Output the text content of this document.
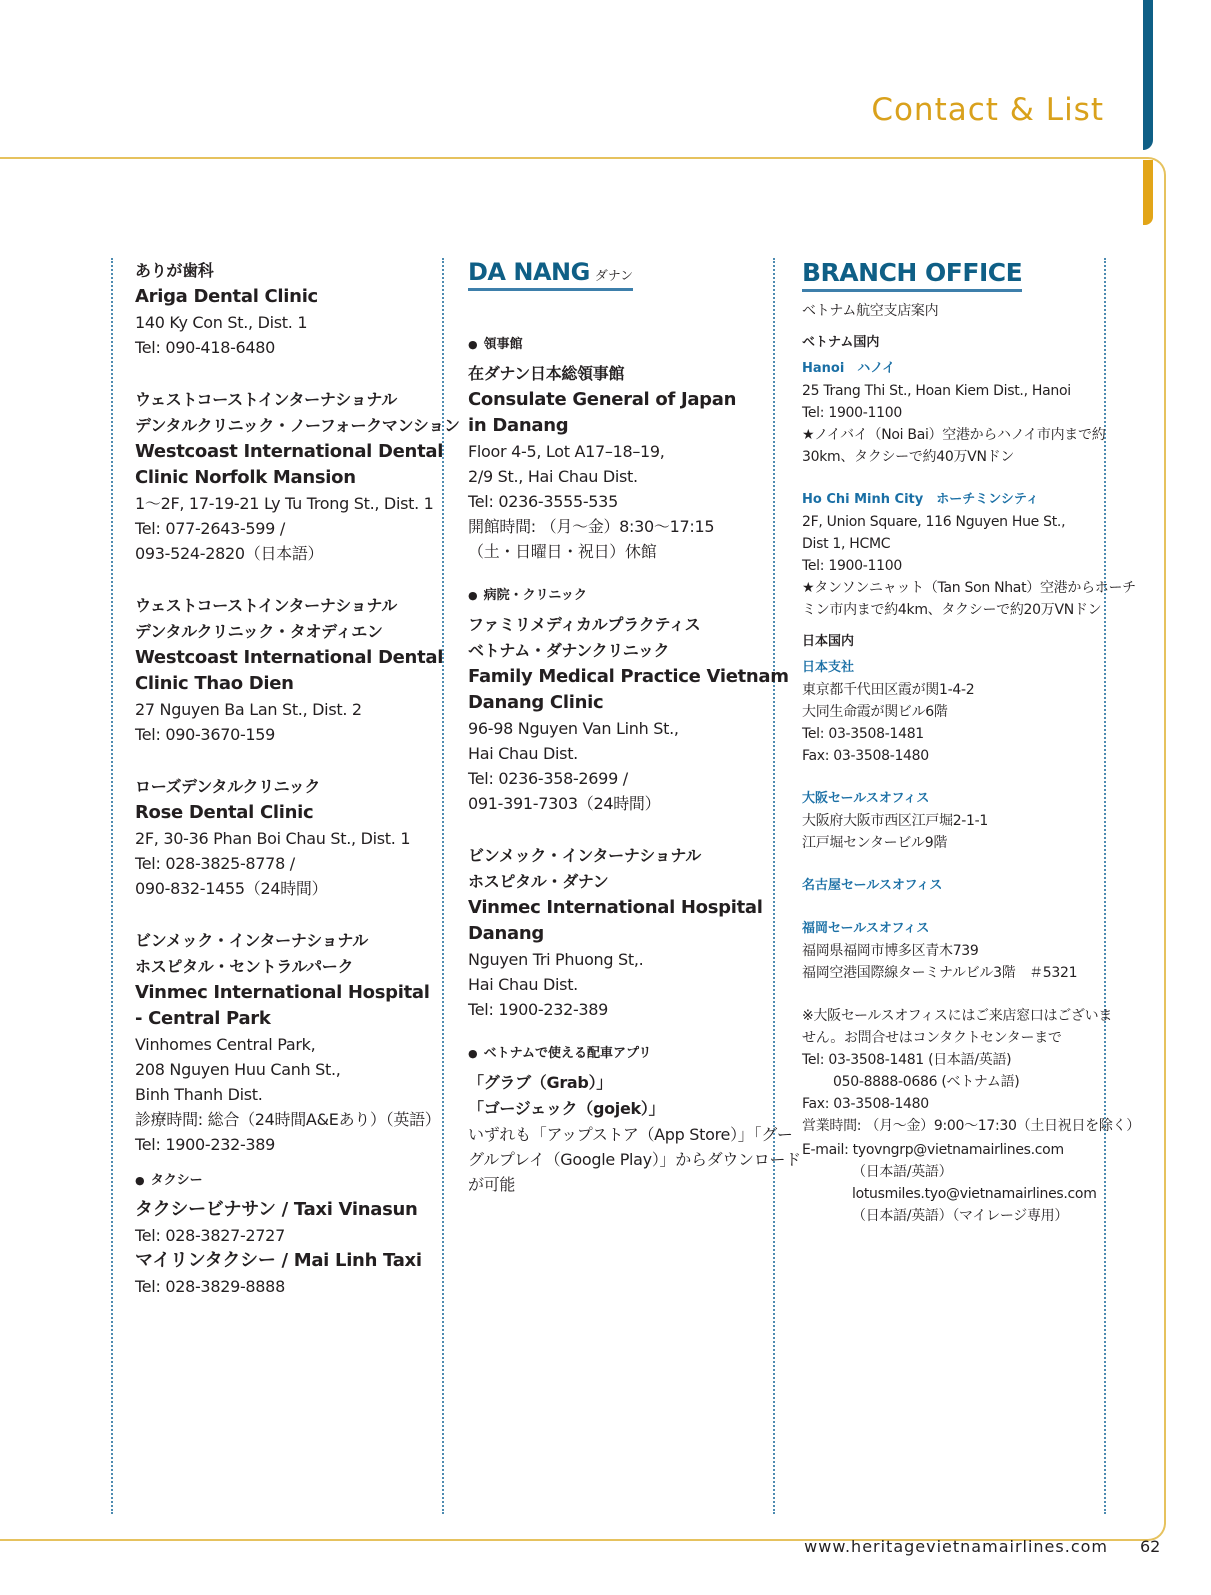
Contact & List
ありが歯科
Ariga Dental Clinic
140 Ky Con St., Dist. 1
Tel: 090-418-6480
ウェストコーストインターナショナル
デンタルクリニック・ノーフォークマンション
Westcoast International Dental
Clinic Norfolk Mansion
1～2F, 17-19-21 Ly Tu Trong St., Dist. 1
Tel: 077-2643-599 /
093-524-2820（日本語）
ウェストコーストインターナショナル
デンタルクリニック・タオディエン
Westcoast International Dental
Clinic Thao Dien
27 Nguyen Ba Lan St., Dist. 2
Tel: 090-3670-159
ローズデンタルクリニック
Rose Dental Clinic
2F, 30-36 Phan Boi Chau St., Dist. 1
Tel: 028-3825-8778 /
090-832-1455（24時間）
ビンメック・インターナショナル
ホスピタル・セントラルパーク
Vinmec International Hospital
- Central Park
Vinhomes Central Park,
208 Nguyen Huu Canh St.,
Binh Thanh Dist.
診療時間: 総合（24時間A&Eあり）（英語）
Tel: 1900-232-389
● タクシー
タクシービナサン / Taxi Vinasun
Tel: 028-3827-2727
マイリンタクシー / Mai Linh Taxi
Tel: 028-3829-8888
DA NANG ダナン
● 領事館
在ダナン日本総領事館
Consulate General of Japan
in Danang
Floor 4-5, Lot A17–18–19,
2/9 St., Hai Chau Dist.
Tel: 0236-3555-535
開館時間: （月～金）8:30～17:15
（土・日曜日・祝日）休館
● 病院・クリニック
ファミリメディカルプラクティス
ベトナム・ダナンクリニック
Family Medical Practice Vietnam
Danang Clinic
96-98 Nguyen Van Linh St.,
Hai Chau Dist.
Tel: 0236-358-2699 /
091-391-7303（24時間）
ビンメック・インターナショナル
ホスピタル・ダナン
Vinmec International Hospital
Danang
Nguyen Tri Phuong St,.
Hai Chau Dist.
Tel: 1900-232-389
● ベトナムで使える配車アプリ
「グラブ（Grab）」
「ゴージェック（gojek）」
いずれも「アップストア（App Store）」「グー
グルプレイ（Google Play）」からダウンロード
が可能
BRANCH OFFICE
ベトナム航空支店案内
ベトナム国内
Hanoi　ハノイ
25 Trang Thi St., Hoan Kiem Dist., Hanoi
Tel: 1900-1100
★ノイバイ（Noi Bai）空港からハノイ市内まで約
30km、タクシーで約40万VNドン
Ho Chi Minh City　ホーチミンシティ
2F, Union Square, 116 Nguyen Hue St.,
Dist 1, HCMC
Tel: 1900-1100
★タンソンニャット（Tan Son Nhat）空港からホーチ
ミン市内まで約4km、タクシーで約20万VNドン
日本国内
日本支社
東京都千代田区霞が関1-4-2
大同生命霞が関ビル6階
Tel: 03-3508-1481
Fax: 03-3508-1480
大阪セールスオフィス
大阪府大阪市西区江戸堀2-1-1
江戸堀センタービル9階
名古屋セールスオフィス
福岡セールスオフィス
福岡県福岡市博多区青木739
福岡空港国際線ターミナルビル3階　＃5321
※大阪セールスオフィスにはご来店窓口はございま
せん。お問合せはコンタクトセンターまで
Tel: 03-3508-1481 (日本語/英語)
050-8888-0686 (ベトナム語)
Fax: 03-3508-1480
営業時間: （月～金）9:00～17:30（土日祝日を除く）
E-mail: tyovngrp@vietnamairlines.com
（日本語/英語）
lotusmiles.tyo@vietnamairlines.com
（日本語/英語）（マイレージ専用）
www.heritagevietnamairlines.com 62
